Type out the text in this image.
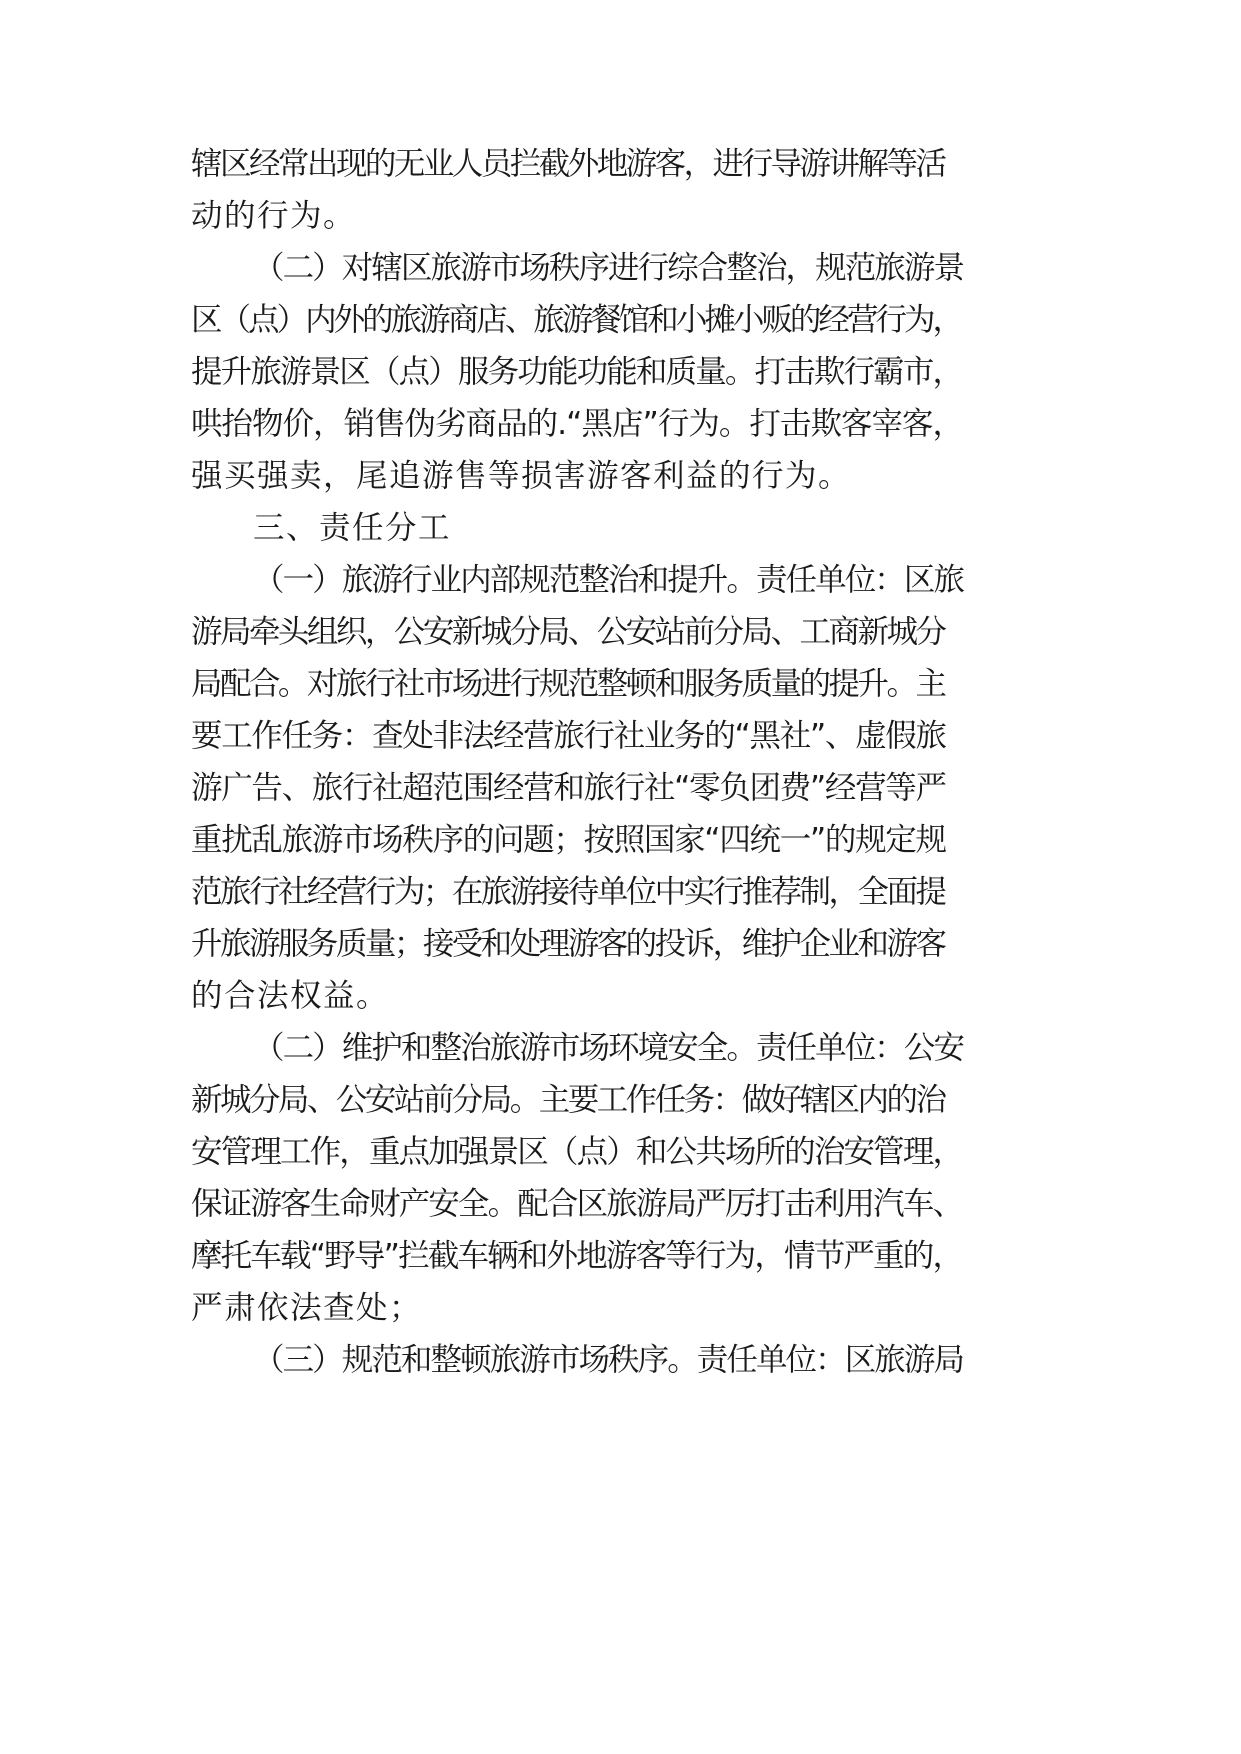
辖区经常出现的无业人员拦截外地游客，进行导游讲解等活
动的行为。
（二）对辖区旅游市场秩序进行综合整治，规范旅游景
区（点）内外的旅游商店、旅游餐馆和小摊小贩的经营行为，
提升旅游景区（点）服务功能功能和质量。打击欺行霸市，
哄抬物价，销售伪劣商品的.“黑店”行为。打击欺客宰客，
强买强卖，尾追游售等损害游客利益的行为。
三、责任分工
（一）旅游行业内部规范整治和提升。责任单位：区旅
游局牵头组织，公安新城分局、公安站前分局、工商新城分
局配合。对旅行社市场进行规范整顿和服务质量的提升。主
要工作任务：查处非法经营旅行社业务的“黑社”、虚假旅
游广告、旅行社超范围经营和旅行社“零负团费”经营等严
重扰乱旅游市场秩序的问题；按照国家“四统一”的规定规
范旅行社经营行为；在旅游接待单位中实行推荐制，全面提
升旅游服务质量；接受和处理游客的投诉，维护企业和游客
的合法权益。
（二）维护和整治旅游市场环境安全。责任单位：公安
新城分局、公安站前分局。主要工作任务：做好辖区内的治
安管理工作，重点加强景区（点）和公共场所的治安管理，
保证游客生命财产安全。配合区旅游局严厉打击利用汽车、
摩托车载“野导”拦截车辆和外地游客等行为，情节严重的，
严肃依法查处；
（三）规范和整顿旅游市场秩序。责任单位：区旅游局
